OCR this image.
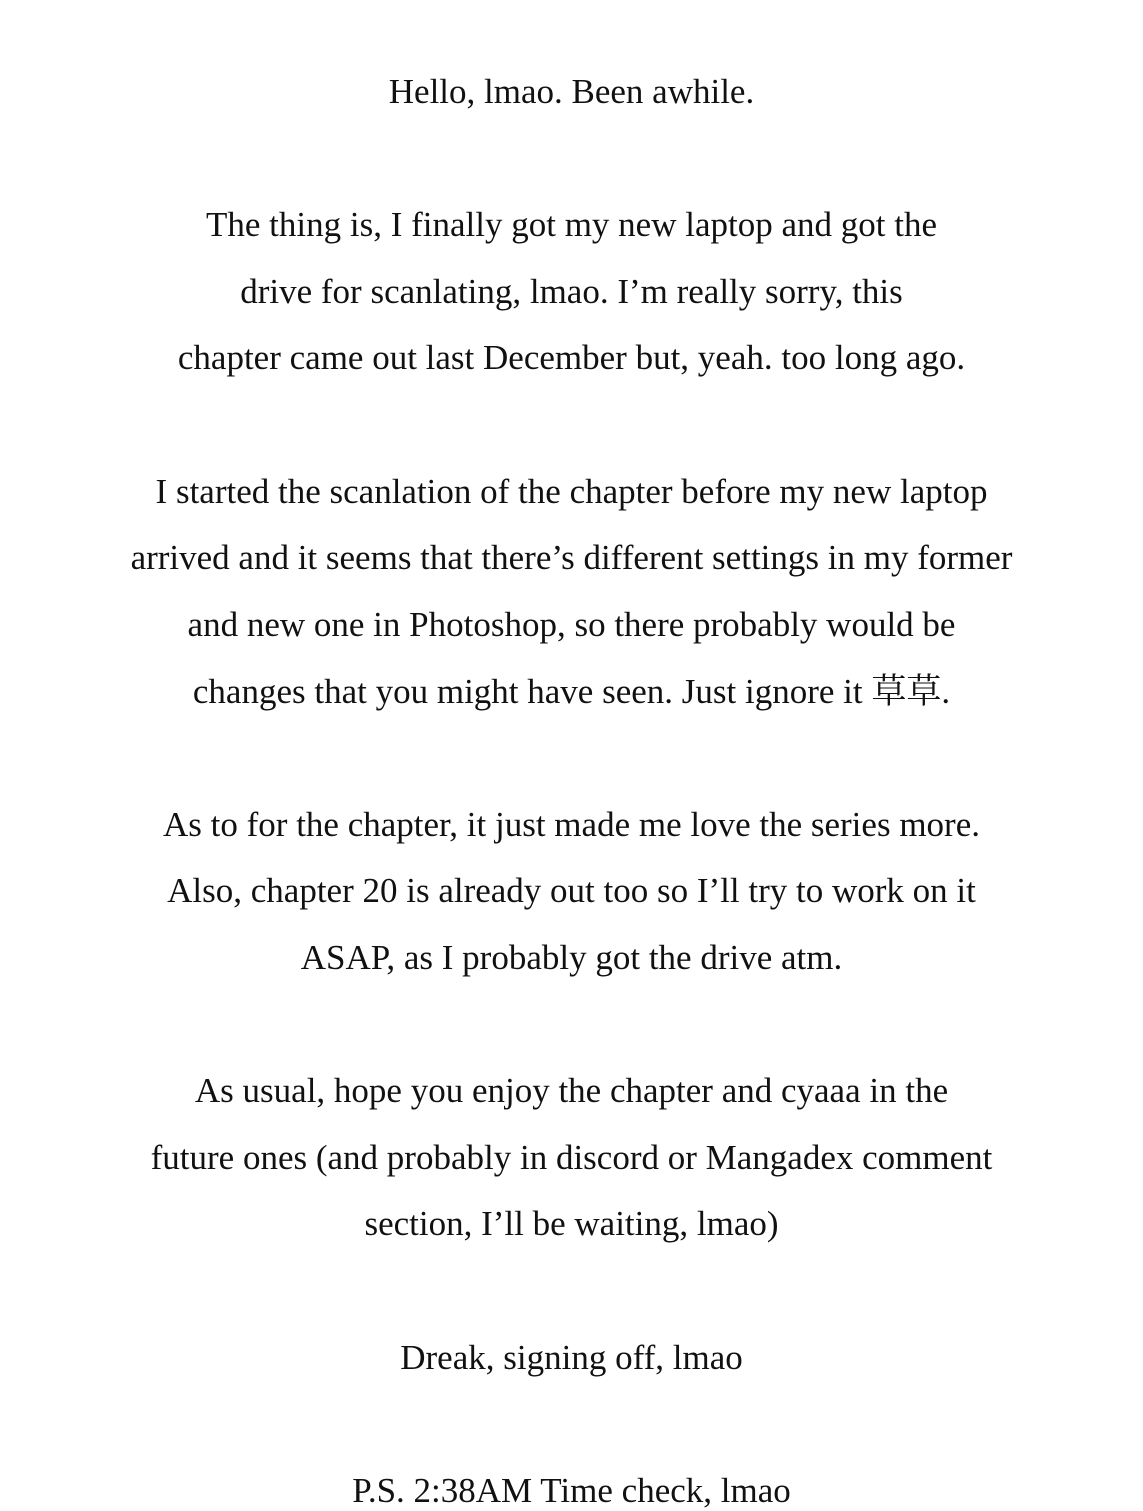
Hello, lmao. Been awhile.
The thing is, I finally got my new laptop and got the
drive for scanlating, lmao. I’m really sorry, this
chapter came out last December but, yeah. too long ago.
I started the scanlation of the chapter before my new laptop
arrived and it seems that there’s different settings in my former
and new one in Photoshop, so there probably would be
changes that you might have seen. Just ignore it 草草.
As to for the chapter, it just made me love the series more.
Also, chapter 20 is already out too so I’ll try to work on it
ASAP, as I probably got the drive atm.
As usual, hope you enjoy the chapter and cyaaa in the
future ones (and probably in discord or Mangadex comment
section, I’ll be waiting, lmao)
Dreak, signing off, lmao
P.S. 2:38AM Time check, lmao
